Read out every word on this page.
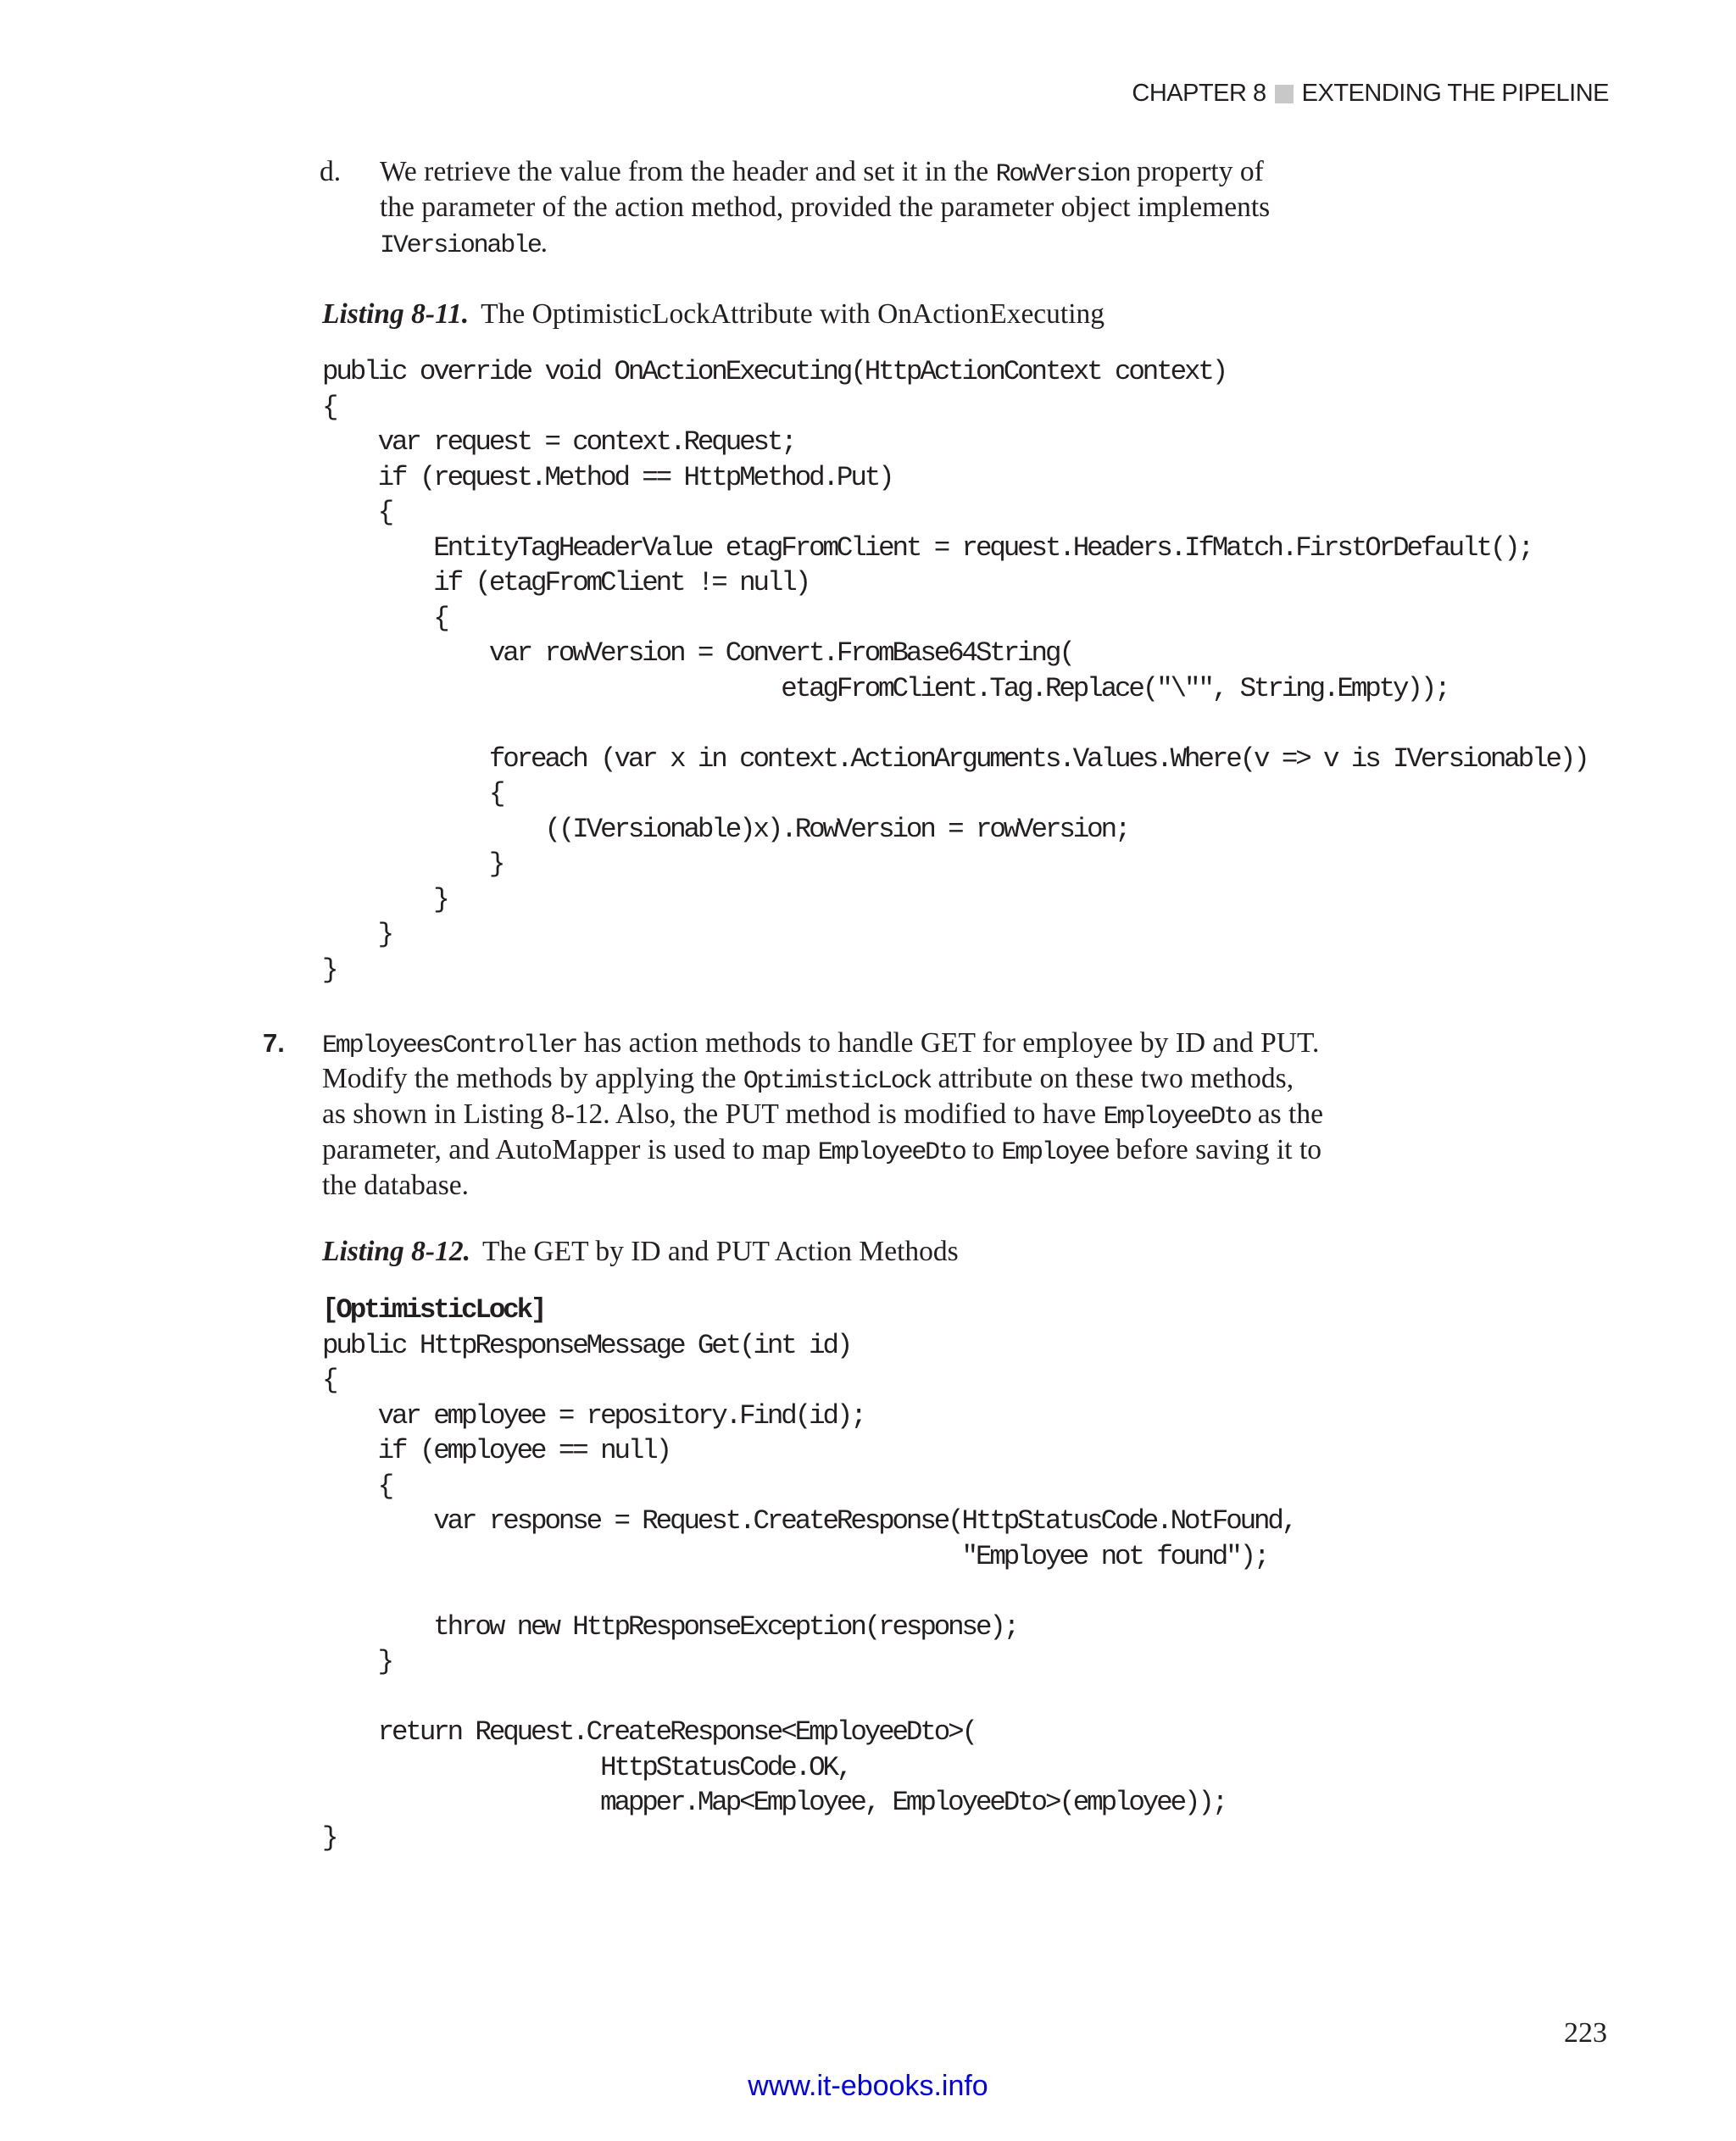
CHAPTER 8 EXTENDING THE PIPELINE
d. We retrieve the value from the header and set it in the RowVersion property of
the parameter of the action method, provided the parameter object implements
IVersionable.
Listing 8-11. The OptimisticLockAttribute with OnActionExecuting
public override void OnActionExecuting(HttpActionContext context)
{
var request = context.Request;
if (request.Method == HttpMethod.Put)
{
EntityTagHeaderValue etagFromClient = request.Headers.IfMatch.FirstOrDefault();
if (etagFromClient != null)
{
var rowVersion = Convert.FromBase64String(
etagFromClient.Tag.Replace("\"", String.Empty));

foreach (var x in context.ActionArguments.Values.Where(v => v is IVersionable))
{
((IVersionable)x).RowVersion = rowVersion;
}
}
}
}
7. EmployeesController has action methods to handle GET for employee by ID and PUT.
Modify the methods by applying the OptimisticLock attribute on these two methods,
as shown in Listing 8-12. Also, the PUT method is modified to have EmployeeDto as the
parameter, and AutoMapper is used to map EmployeeDto to Employee before saving it to
the database.
Listing 8-12. The GET by ID and PUT Action Methods
[OptimisticLock]
public HttpResponseMessage Get(int id)
{
var employee = repository.Find(id);
if (employee == null)
{
var response = Request.CreateResponse(HttpStatusCode.NotFound,
"Employee not found");

throw new HttpResponseException(response);
}

return Request.CreateResponse<EmployeeDto>(
HttpStatusCode.OK,
mapper.Map<Employee, EmployeeDto>(employee));
}
223
www.it-ebooks.info
